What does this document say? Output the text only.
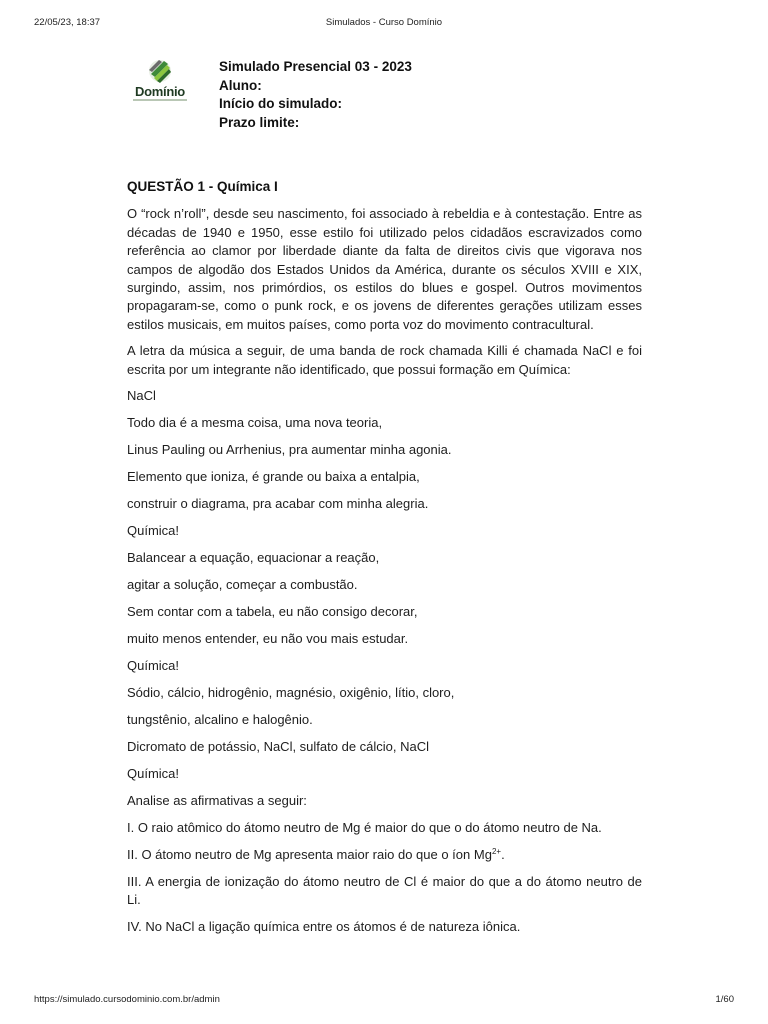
22/05/23, 18:37	Simulados - Curso Domínio
Domínio
Simulado Presencial 03 - 2023
Aluno:
Início do simulado:
Prazo limite:
QUESTÃO 1 - Química I

O “rock n’roll”, desde seu nascimento, foi associado à rebeldia e à contestação. Entre as décadas de 1940 e 1950, esse estilo foi utilizado pelos cidadãos escravizados como referência ao clamor por liberdade diante da falta de direitos civis que vigorava nos campos de algodão dos Estados Unidos da América, durante os séculos XVIII e XIX, surgindo, assim, nos primórdios, os estilos do blues e gospel. Outros movimentos propagaram-se, como o punk rock, e os jovens de diferentes gerações utilizam esses estilos musicais, em muitos países, como porta voz do movimento contracultural.

A letra da música a seguir, de uma banda de rock chamada Killi é chamada NaCl e foi escrita por um integrante não identificado, que possui formação em Química:

NaCl
Todo dia é a mesma coisa, uma nova teoria,
Linus Pauling ou Arrhenius, pra aumentar minha agonia.
Elemento que ioniza, é grande ou baixa a entalpia,
construir o diagrama, pra acabar com minha alegria.
Química!
Balancear a equação, equacionar a reação,
agitar a solução, começar a combustão.
Sem contar com a tabela, eu não consigo decorar,
muito menos entender, eu não vou mais estudar.
Química!
Sódio, cálcio, hidrogênio, magnésio, oxigênio, lítio, cloro,
tungstênio, alcalino e halogênio.
Dicromato de potássio, NaCl, sulfato de cálcio, NaCl
Química!
Analise as afirmativas a seguir:
I. O raio atômico do átomo neutro de Mg é maior do que o do átomo neutro de Na.
II. O átomo neutro de Mg apresenta maior raio do que o íon $Mg^{2+}$.

III. A energia de ionização do átomo neutro de Cl é maior do que a do átomo neutro de Li.

IV. No NaCl a ligação química entre os átomos é de natureza iônica.
https://simulado.cursodominio.com.br/admin	1/60
